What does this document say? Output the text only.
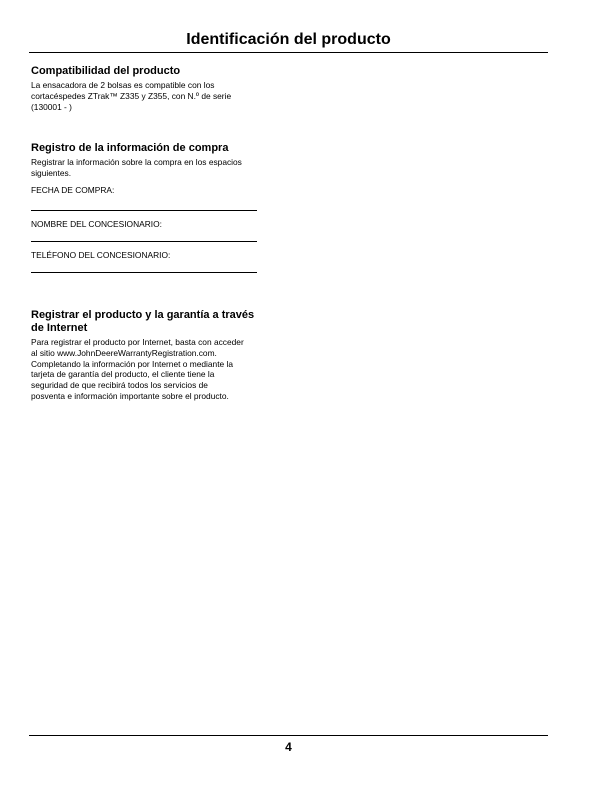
Identificación del producto
Compatibilidad del producto
La ensacadora de 2 bolsas es compatible con los
cortacéspedes ZTrak™ Z335 y Z355, con N.º de serie
(130001 - )
Registro de la información de compra
Registrar la información sobre la compra en los espacios
siguientes.
FECHA DE COMPRA:
NOMBRE DEL CONCESIONARIO:
TELÉFONO DEL CONCESIONARIO:
Registrar el producto y la garantía a través
de Internet
Para registrar el producto por Internet, basta con acceder
al sitio www.JohnDeereWarrantyRegistration.com.
Completando la información por Internet o mediante la
tarjeta de garantía del producto, el cliente tiene la
seguridad de que recibirá todos los servicios de
posventa e información importante sobre el producto.
4
